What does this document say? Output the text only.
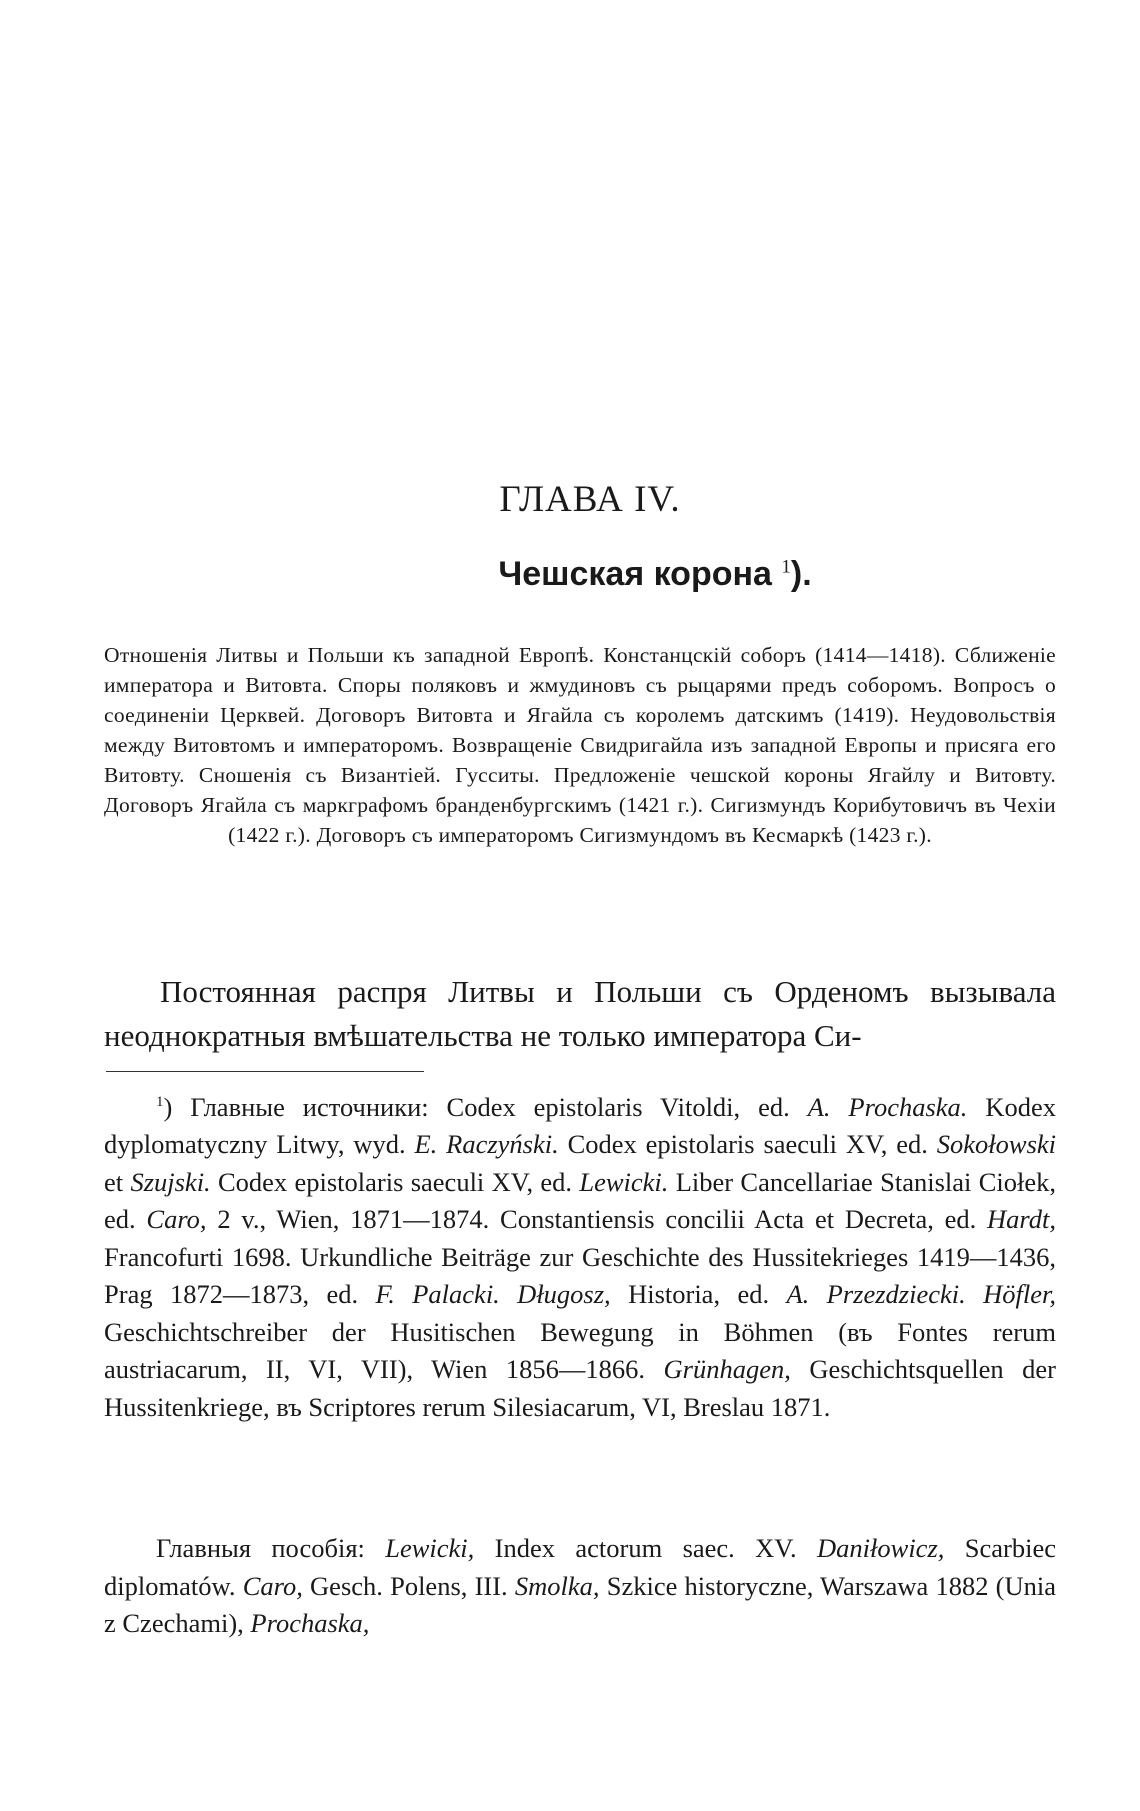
ГЛАВА IV.
Чешская корона $^1$).
Отношенія Литвы и Польши къ западной Европѣ. Констанцскій соборъ (1414—1418). Сближеніе императора и Витовта. Споры поляковъ и жмудиновъ съ рыцарями предъ соборомъ. Вопросъ о соединеніи Церквей. Договоръ Витовта и Ягайла съ королемъ датскимъ (1419). Неудовольствія между Витовтомъ и императоромъ. Возвращеніе Свидригайла изъ западной Европы и присяга его Витовту. Сношенія съ Византіей. Гусситы. Предложеніе чешской короны Ягайлу и Витовту. Договоръ Ягайла съ маркграфомъ бранденбургскимъ (1421 г.). Сигизмундъ Корибутовичъ въ Чехіи (1422 г.). Договоръ съ императоромъ Сигизмундомъ въ Кесмаркѣ (1423 г.).
Постоянная распря Литвы и Польши съ Орденомъ вызывала неоднократныя вмѣшательства не только императора Си-
$^1$) Главные источники: Codex epistolaris Vitoldi, ed. A. Prochaska. Kodex dyplomatyczny Litwy, wyd. E. Raczyński. Codex epistolaris saeculi XV, ed. Sokołowski et Szujski. Codex epistolaris saeculi XV, ed. Lewicki. Liber Cancellariae Stanislai Ciołek, ed. Caro, 2 v., Wien, 1871—1874. Constantiensis concilii Acta et Decreta, ed. Hardt, Francofurti 1698. Urkundliche Beiträge zur Geschichte des Hussitekrieges 1419—1436, Prag 1872—1873, ed. F. Palacki. Długosz, Historia, ed. A. Przezdziecki. Höfler, Geschichtschreiber der Husitischen Bewegung in Böhmen (въ Fontes rerum austriacarum, II, VI, VII), Wien 1856—1866. Grünhagen, Geschichtsquellen der Hussitenkriege, въ Scriptores rerum Silesiacarum, VI, Breslau 1871.
Главныя пособія: Lewicki, Index actorum saec. XV. Daniłowicz, Scarbiec diplomatów. Caro, Gesch. Polens, III. Smolka, Szkice historyczne, Warszawa 1882 (Unia z Czechami), Prochaska,
